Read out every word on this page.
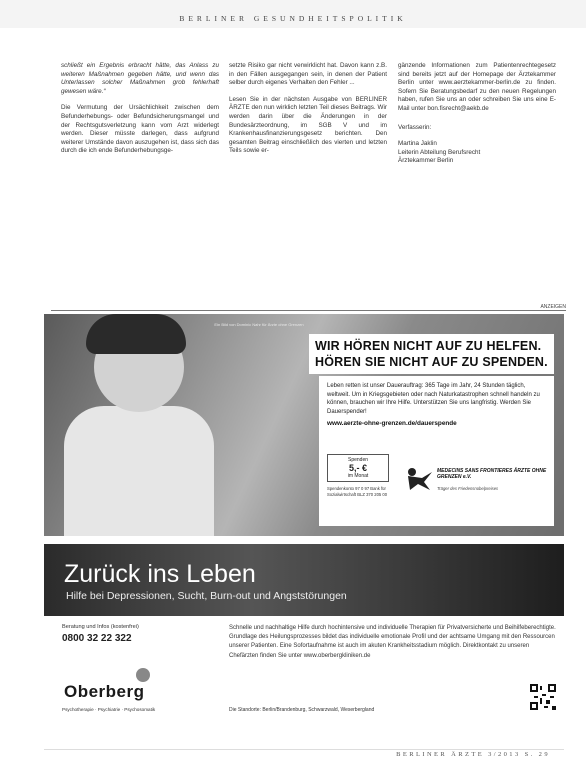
BERLINER GESUNDHEITSPOLITIK

schließt ein Ergebnis erbracht hätte, das Anlass zu weiteren Maßnahmen gegeben hätte, und wenn das Unterlassen solcher Maßnahmen grob fehlerhaft gewesen wäre.“

Die Vermutung der Ursächlichkeit zwischen dem Befunderhebungs- oder Befundsicherungsmangel und der Rechtsgutsverletzung kann vom Arzt widerlegt werden. Dieser müsste darlegen, dass aufgrund weiterer Umstände davon auszugehen ist, dass sich das durch die ich ende Befunderhebungsge-

setzte Risiko gar nicht verwirklicht hat. Davon kann z.B. in den Fällen ausgegangen sein, in denen der Patient selber durch eigenes Verhalten den Fehler ...

Lesen Sie in der nächsten Ausgabe von BERLINER ÄRZTE den nun wirklich letzten Teil dieses Beitrags. Wir werden darin über die Änderungen in der Bundesärzteordnung, im SGB V und im Krankenhausfinanzierungsgesetz berichten. Den gesamten Beitrag einschließlich des vierten und letzten Teils sowie er-

gänzende Informationen zum Patientenrechtegesetz sind bereits jetzt auf der Homepage der Ärztekammer Berlin unter www.aerztekammer-berlin.de zu finden. Sofern Sie Beratungsbedarf zu den neuen Regelungen haben, rufen Sie uns an oder schreiben Sie uns eine E-Mail unter bon.fisrecht@aekb.de

Verfasserin:
Martina Jaklin
Leiterin Abteilung Berufsrecht
Ärztekammer Berlin
ANZEIGEN
Ein Bild von Dominic Nahr für Ärzte ohne Grenzen
WIR HÖREN NICHT AUF ZU HELFEN.
HÖREN SIE NICHT AUF ZU SPENDEN.
Leben retten ist unser Dauerauftrag: 365 Tage im Jahr, 24 Stunden täglich, weltweit. Um in Kriegsgebieten oder nach Naturkatastrophen schnell handeln zu können, brauchen wir Ihre Hilfe. Unterstützen Sie uns langfristig. Werden Sie Dauerspender!
www.aerzte-ohne-grenzen.de/dauerspende
Spenden
5,- €
im Monat
Spendenkonto 97 0 97 Bank für Sozialwirtschaft BLZ 370 205 00
MEDECINS SANS FRONTIERES ÄRZTE OHNE GRENZEN e.V.
Träger des Friedensnobelpreises
Zurück ins Leben
Hilfe bei Depressionen, Sucht, Burn-out und Angststörungen
Beratung und Infos (kostenfrei)
0800 32 22 322
Schnelle und nachhaltige Hilfe durch hochintensive und individuelle Therapien für Privatversicherte und Beihilfeberechtigte. Grundlage des Heilungsprozesses bildet das individuelle emotionale Profil und der achtsame Umgang mit den Ressourcen unserer Patienten. Eine Sofortaufnahme ist auch im akuten Krankheitsstadium möglich. Direktkontakt zu unseren Chefärzten finden Sie unter www.oberbergkliniken.de
Oberberg
Psychotherapie · Psychiatrie · Psychosomatik	Die Standorte: Berlin/Brandenburg, Schwarzwald, Weserbergland
BERLINER ÄRZTE 3/2013 S. 29
